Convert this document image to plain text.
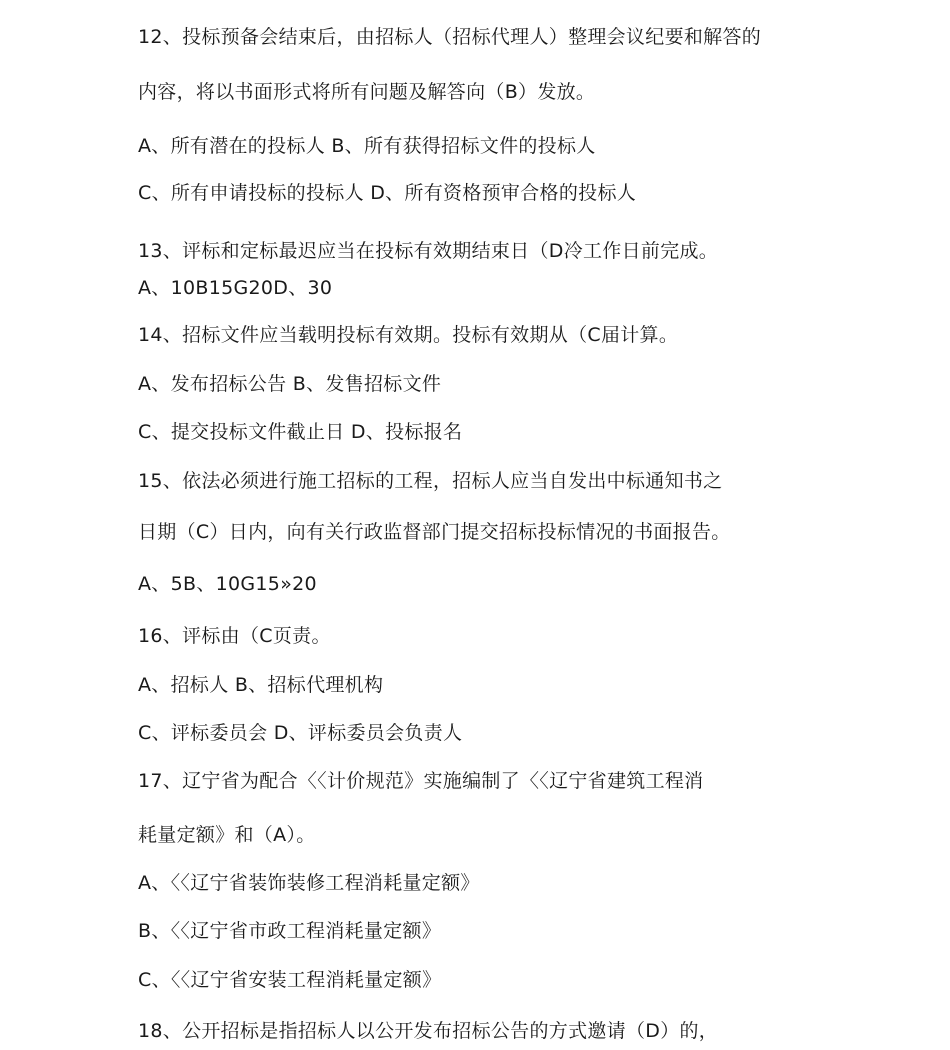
12、投标预备会结束后，由招标人（招标代理人）整理会议纪要和解答的
内容，将以书面形式将所有问题及解答向（B）发放。
A、所有潜在的投标人 B、所有获得招标文件的投标人
C、所有申请投标的投标人 D、所有资格预审合格的投标人
13、评标和定标最迟应当在投标有效期结束日（D冷工作日前完成。
A、10B15G20D、30
14、招标文件应当载明投标有效期。投标有效期从（C届计算。
A、发布招标公告 B、发售招标文件
C、提交投标文件截止日 D、投标报名
15、依法必须进行施工招标的工程，招标人应当自发出中标通知书之
日期（C）日内，向有关行政监督部门提交招标投标情况的书面报告。
A、5B、10G15»20
16、评标由（C页责。
A、招标人 B、招标代理机构
C、评标委员会 D、评标委员会负责人
17、辽宁省为配合〈〈计价规范》实施编制了〈〈辽宁省建筑工程消
耗量定额》和（A）。
A、〈〈辽宁省装饰装修工程消耗量定额》
B、〈〈辽宁省市政工程消耗量定额》
C、〈〈辽宁省安装工程消耗量定额》
18、公开招标是指招标人以公开发布招标公告的方式邀请（D）的，
